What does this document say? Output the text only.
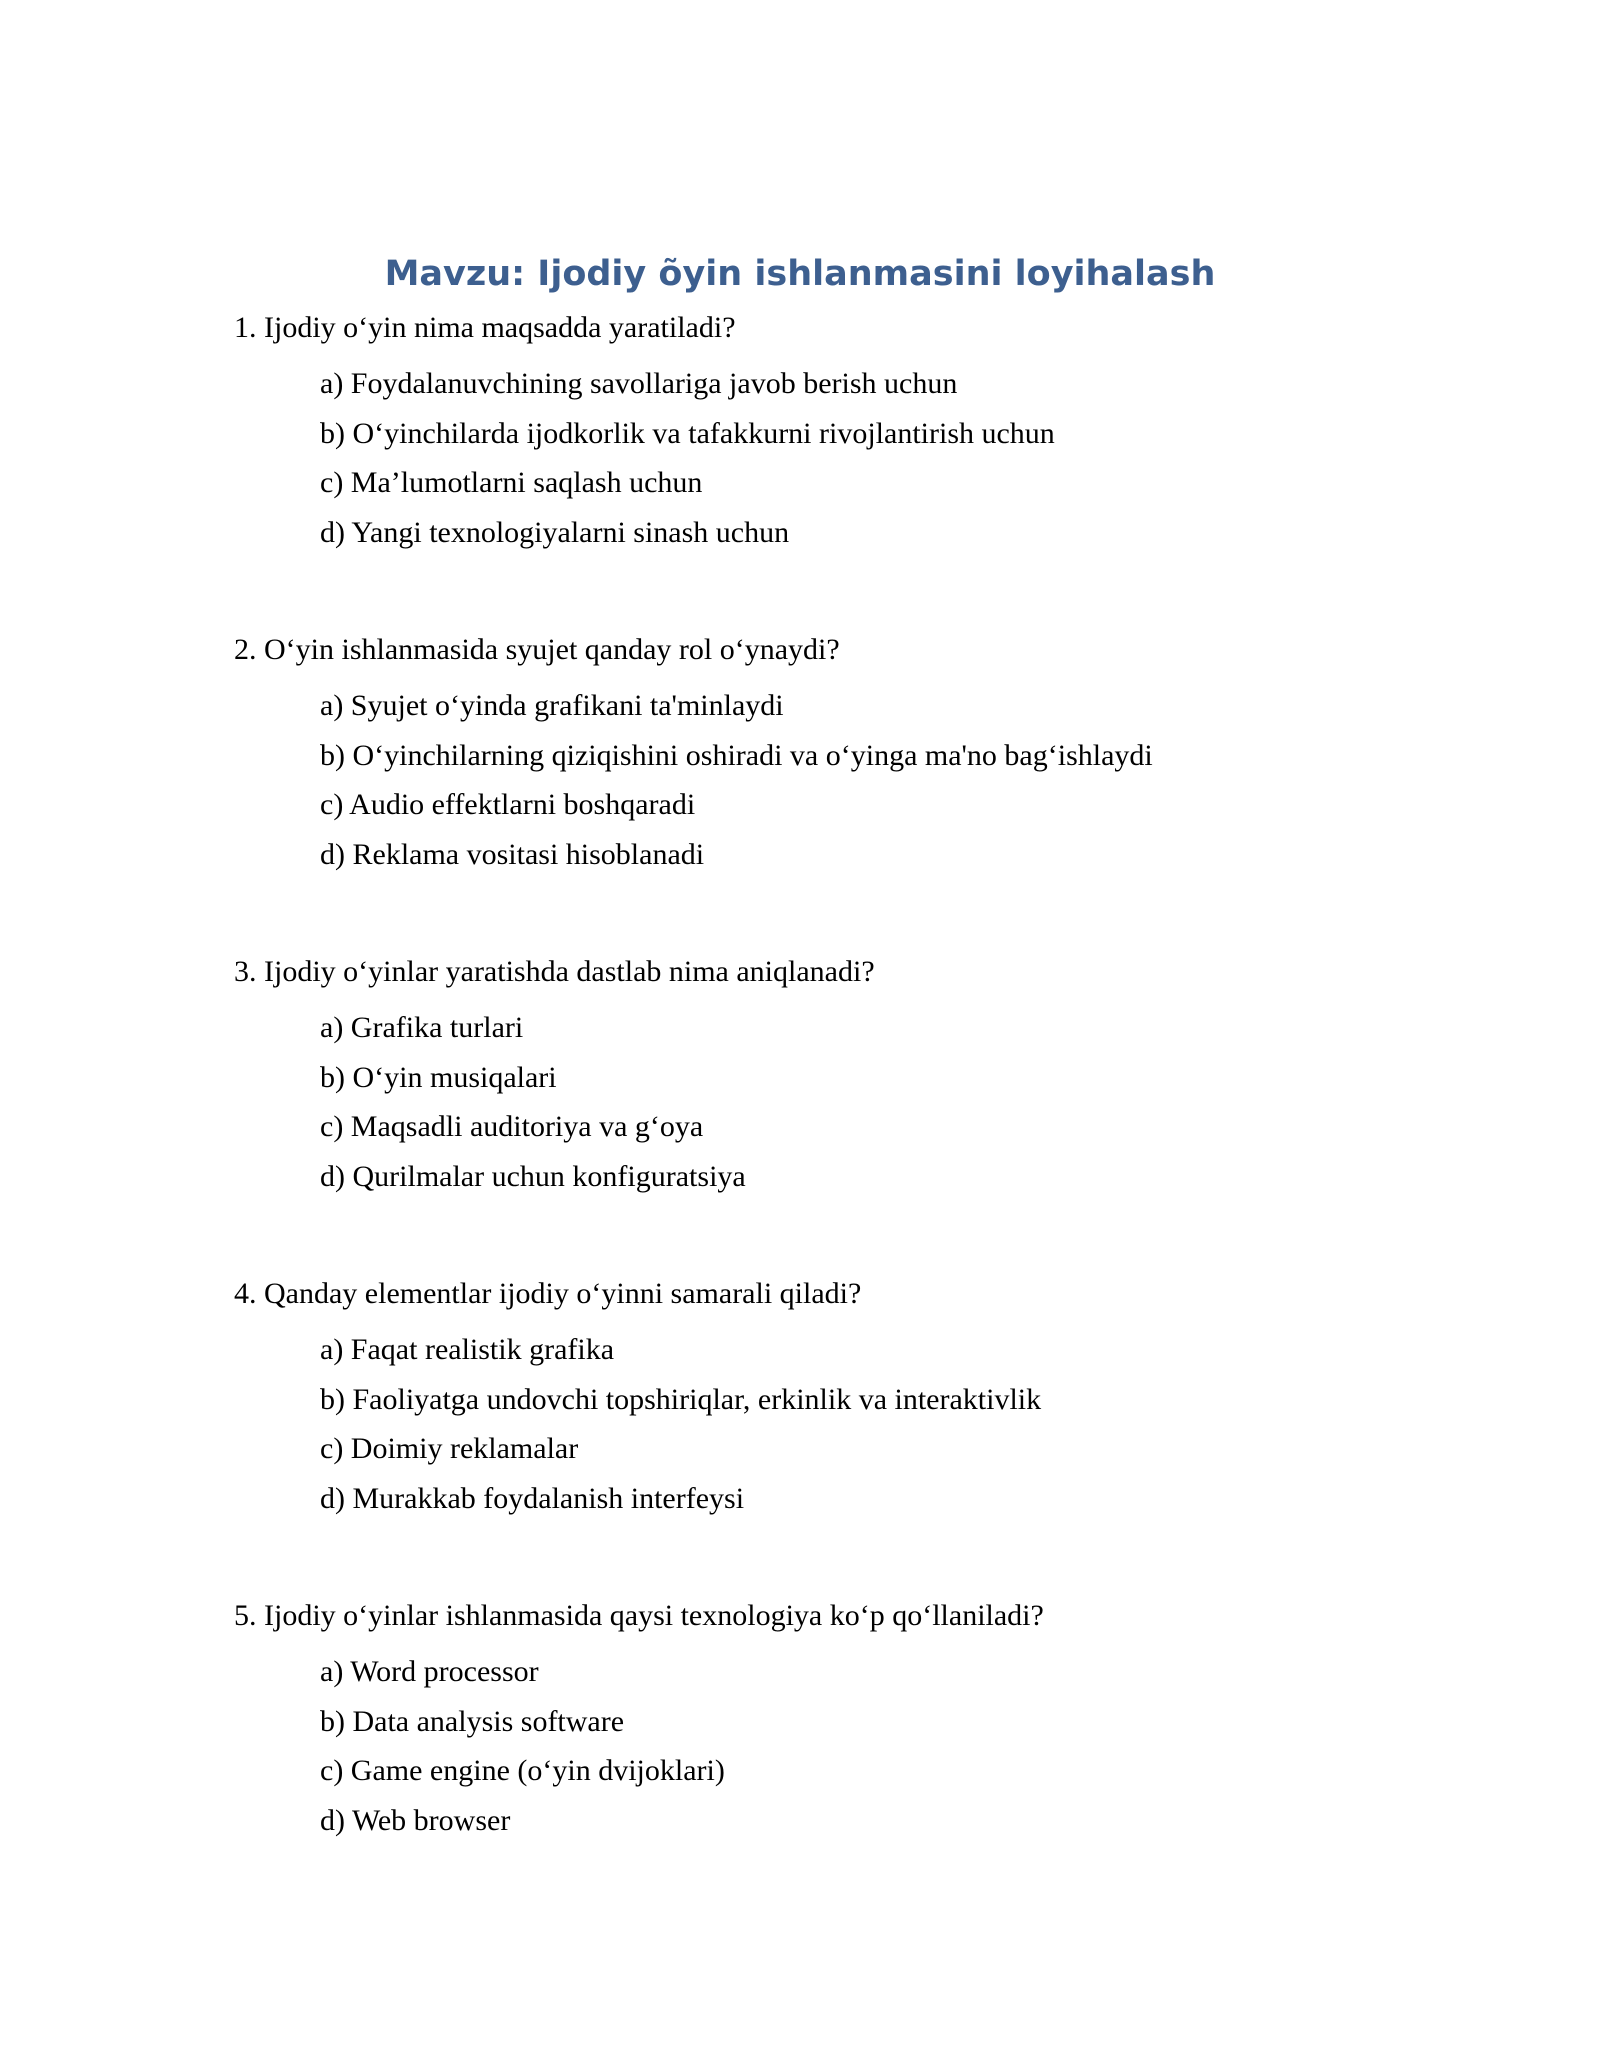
Mavzu: Ijodiy õyin ishlanmasini loyihalash

1. Ijodiy o‘yin nima maqsadda yaratiladi?

a) Foydalanuvchining savollariga javob berish uchun
b) O‘yinchilarda ijodkorlik va tafakkurni rivojlantirish uchun
c) Ma’lumotlarni saqlash uchun
d) Yangi texnologiyalarni sinash uchun

2. O‘yin ishlanmasida syujet qanday rol o‘ynaydi?

a) Syujet o‘yinda grafikani ta'minlaydi
b) O‘yinchilarning qiziqishini oshiradi va o‘yinga ma'no bag‘ishlaydi
c) Audio effektlarni boshqaradi
d) Reklama vositasi hisoblanadi

3. Ijodiy o‘yinlar yaratishda dastlab nima aniqlanadi?

a) Grafika turlari
b) O‘yin musiqalari
c) Maqsadli auditoriya va g‘oya
d) Qurilmalar uchun konfiguratsiya

4. Qanday elementlar ijodiy o‘yinni samarali qiladi?

a) Faqat realistik grafika
b) Faoliyatga undovchi topshiriqlar, erkinlik va interaktivlik
c) Doimiy reklamalar
d) Murakkab foydalanish interfeysi

5. Ijodiy o‘yinlar ishlanmasida qaysi texnologiya ko‘p qo‘llaniladi?

a) Word processor
b) Data analysis software
c) Game engine (o‘yin dvijoklari)
d) Web browser
